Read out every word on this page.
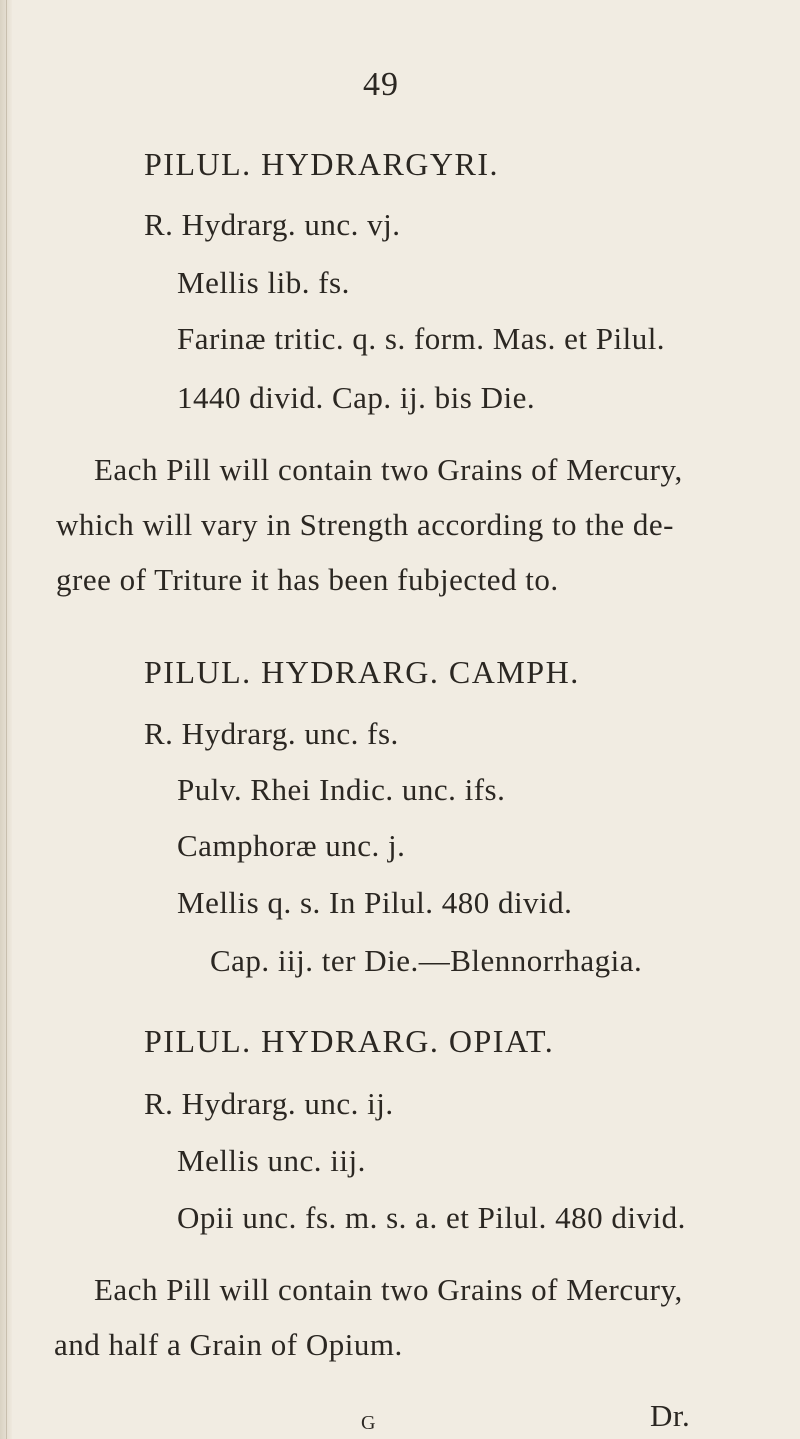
49
PILUL. HYDRARGYRI.
R. Hydrarg. unc. vj.
Mellis lib. fs.
Farinæ tritic. q. s. form. Mas. et Pilul.
1440 divid. Cap. ij. bis Die.
Each Pill will contain two Grains of Mercury,
which will vary in Strength according to the de-
gree of Triture it has been fubjected to.
PILUL. HYDRARG. CAMPH.
R. Hydrarg. unc. fs.
Pulv. Rhei Indic. unc. ifs.
Camphoræ unc. j.
Mellis q. s. In Pilul. 480 divid.
Cap. iij. ter Die.—Blennorrhagia.
PILUL. HYDRARG. OPIAT.
R. Hydrarg. unc. ij.
Mellis unc. iij.
Opii unc. fs. m. s. a. et Pilul. 480 divid.
Each Pill will contain two Grains of Mercury,
and half a Grain of Opium.
G	Dr.
